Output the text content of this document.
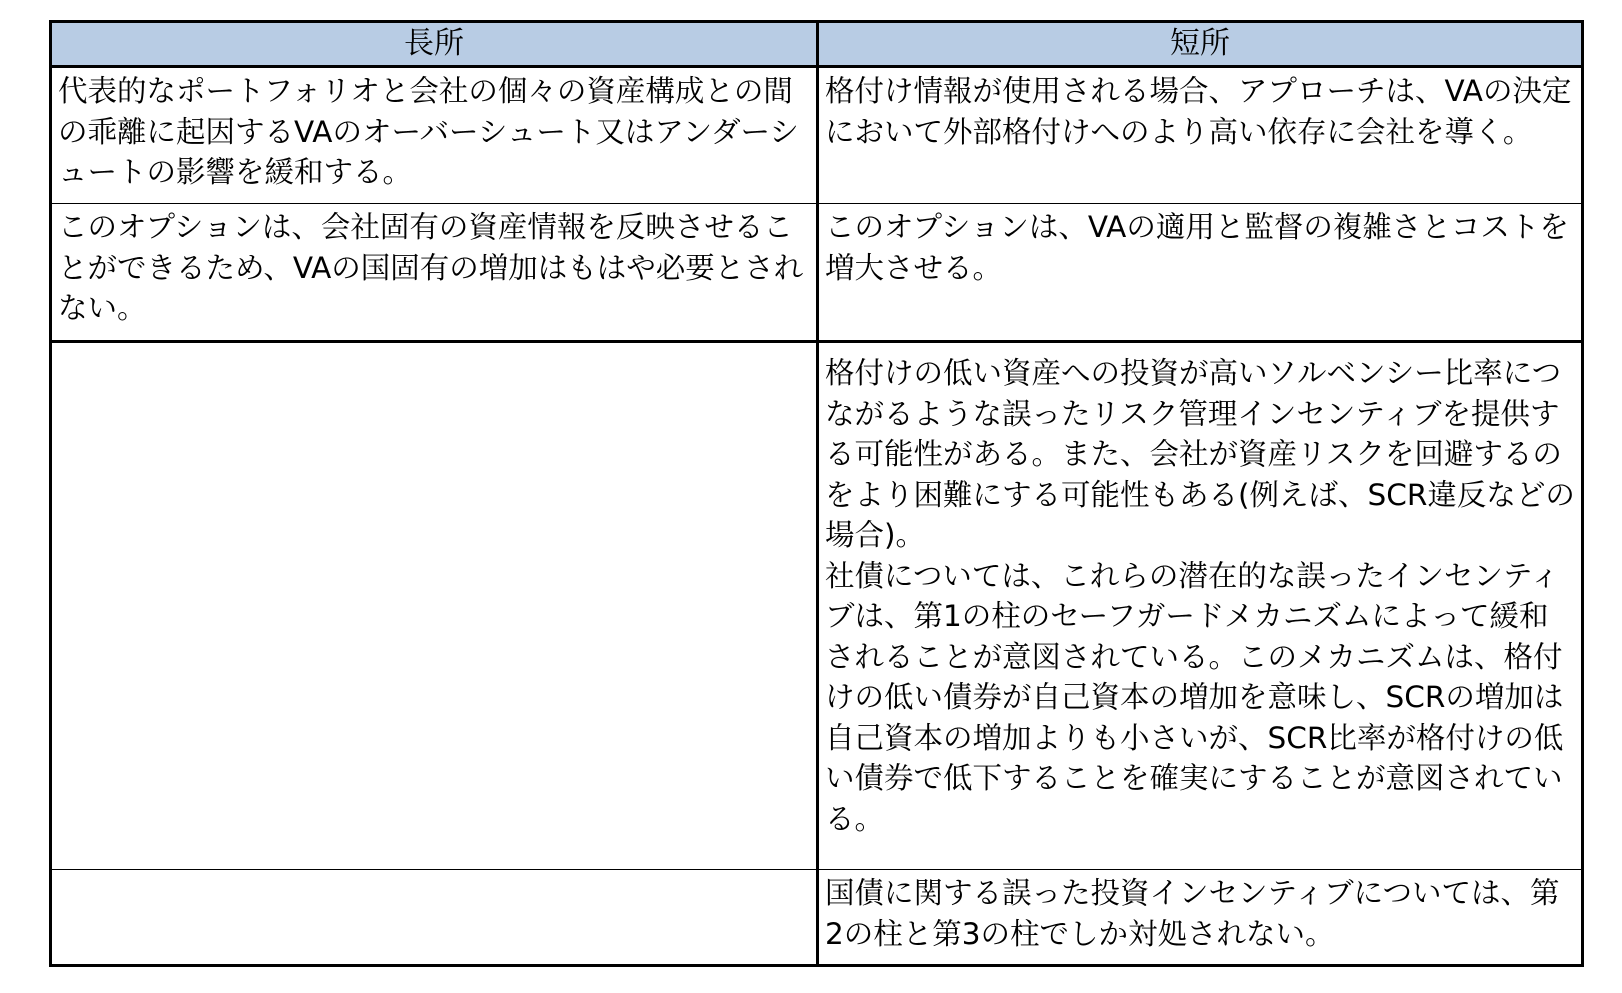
長所	短所

代表的なポートフォリオと会社の個々の資産構成との間の乖離に起因するVAのオーバーシュート又はアンダーシュートの影響を緩和する。	格付け情報が使用される場合、アプローチは、VAの決定において外部格付けへのより高い依存に会社を導く。

このオプションは、会社固有の資産情報を反映させることができるため、VAの国固有の増加はもはや必要とされない。	このオプションは、VAの適用と監督の複雑さとコストを増大させる。

	格付けの低い資産への投資が高いソルベンシー比率につながるような誤ったリスク管理インセンティブを提供する可能性がある。また、会社が資産リスクを回避するのをより困難にする可能性もある(例えば、SCR違反などの場合)。
社債については、これらの潜在的な誤ったインセンティブは、第1の柱のセーフガードメカニズムによって緩和されることが意図されている。このメカニズムは、格付けの低い債券が自己資本の増加を意味し、SCRの増加は自己資本の増加よりも小さいが、SCR比率が格付けの低い債券で低下することを確実にすることが意図されている。

	国債に関する誤った投資インセンティブについては、第2の柱と第3の柱でしか対処されない。
